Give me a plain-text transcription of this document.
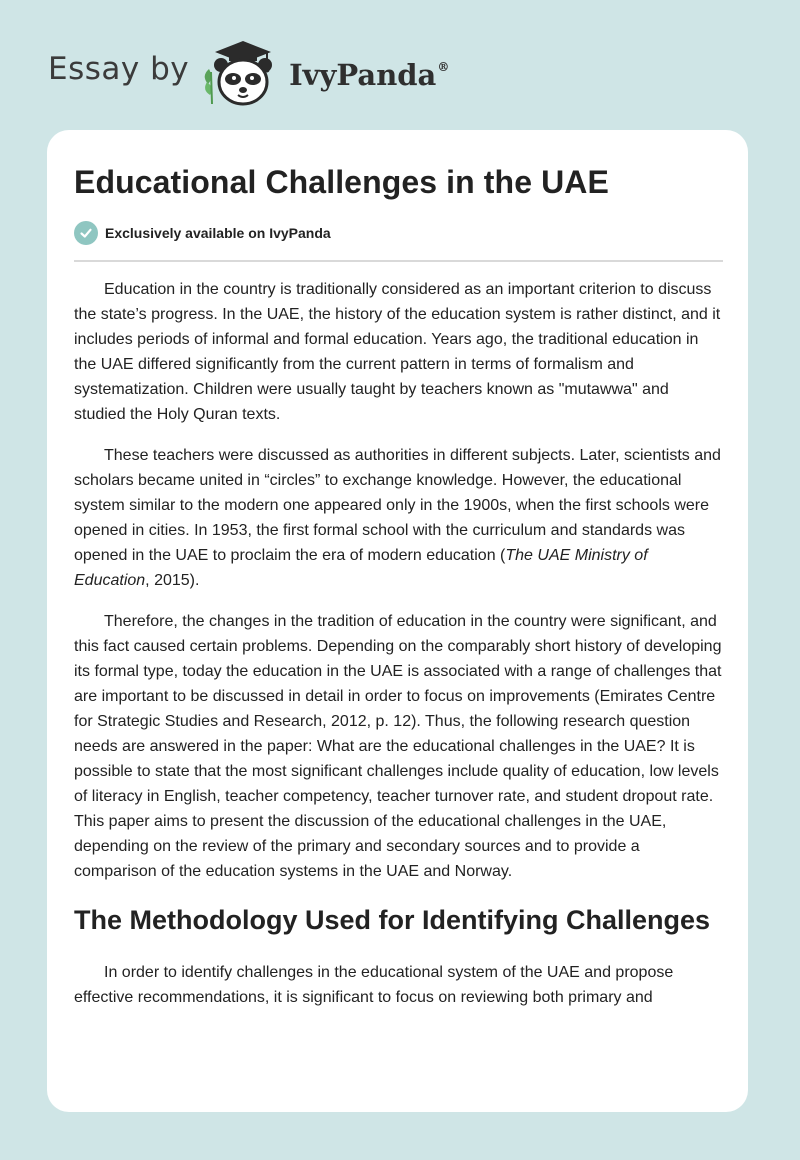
Essay by	IvyPanda®
Educational Challenges in the UAE
Exclusively available on IvyPanda

Education in the country is traditionally considered as an important criterion to discuss the state’s progress. In the UAE, the history of the education system is rather distinct, and it includes periods of informal and formal education. Years ago, the traditional education in the UAE differed significantly from the current pattern in terms of formalism and systematization. Children were usually taught by teachers known as "mutawwa" and studied the Holy Quran texts.

These teachers were discussed as authorities in different subjects. Later, scientists and scholars became united in “circles” to exchange knowledge. However, the educational system similar to the modern one appeared only in the 1900s, when the first schools were opened in cities. In 1953, the first formal school with the curriculum and standards was opened in the UAE to proclaim the era of modern education (The UAE Ministry of Education, 2015).

Therefore, the changes in the tradition of education in the country were significant, and this fact caused certain problems. Depending on the comparably short history of developing its formal type, today the education in the UAE is associated with a range of challenges that are important to be discussed in detail in order to focus on improvements (Emirates Centre for Strategic Studies and Research, 2012, p. 12). Thus, the following research question needs are answered in the paper: What are the educational challenges in the UAE? It is possible to state that the most significant challenges include quality of education, low levels of literacy in English, teacher competency, teacher turnover rate, and student dropout rate. This paper aims to present the discussion of the educational challenges in the UAE, depending on the review of the primary and secondary sources and to provide a comparison of the education systems in the UAE and Norway.

The Methodology Used for Identifying Challenges

In order to identify challenges in the educational system of the UAE and propose effective recommendations, it is significant to focus on reviewing both primary and
